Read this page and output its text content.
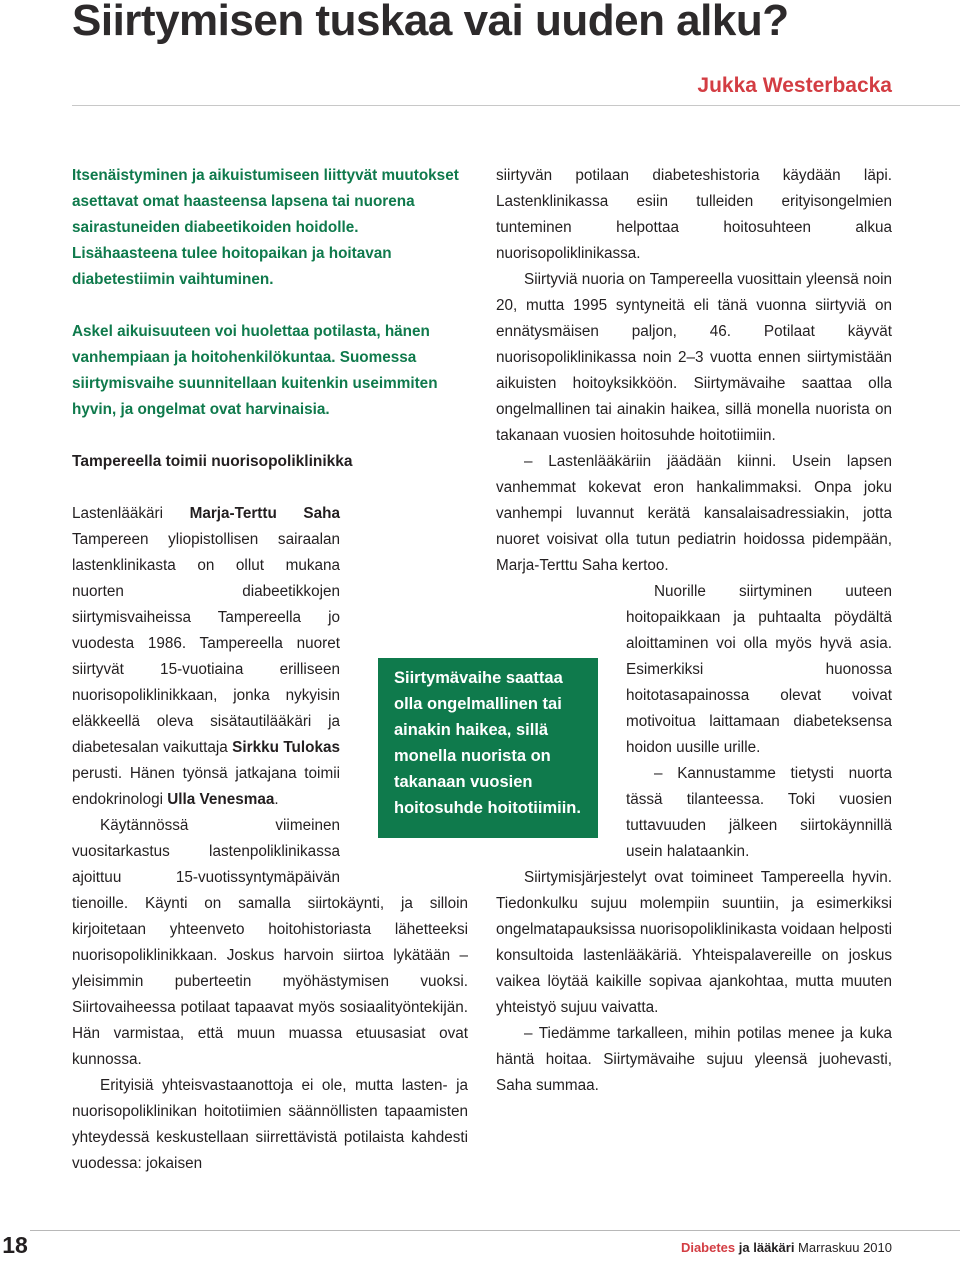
Siirtymisen tuskaa vai uuden alku?
Jukka Westerbacka

Itsenäistyminen ja aikuistumiseen liittyvät muutokset asettavat omat haasteensa lapsena tai nuorena sairastuneiden diabeetikoiden hoidolle. Lisähaasteena tulee hoitopaikan ja hoitavan diabetestiimin vaihtuminen.

Askel aikuisuuteen voi huolettaa potilasta, hänen vanhempiaan ja hoitohenkilökuntaa. Suomessa siirtymisvaihe suunnitellaan kuitenkin useimmiten hyvin, ja ongelmat ovat harvinaisia.

Tampereella toimii nuorisopoliklinikka

Lastenlääkäri Marja-Terttu Saha Tampereen yliopistollisen sairaalan lastenklinikasta on ollut mukana nuorten diabeetikkojen siirtymisvaiheissa Tampereella jo vuodesta 1986. Tampereella nuoret siirtyvät 15-vuotiaina erilliseen nuorisopoliklinikkaan, jonka nykyisin eläkkeellä oleva sisätautilääkäri ja diabetesalan vaikuttaja Sirkku Tulokas perusti. Hänen työnsä jatkajana toimii endokrinologi Ulla Venesmaa.

Käytännössä viimeinen vuositarkastus lastenpoliklinikassa ajoittuu 15-vuotissyntymäpäivän tienoille. Käynti on samalla siirtokäynti, ja silloin kirjoitetaan yhteenveto hoitohistoriasta lähetteeksi nuorisopoliklinikkaan. Joskus harvoin siirtoa lykätään – yleisimmin puberteetin myöhästymisen vuoksi. Siirtovaiheessa potilaat tapaavat myös sosiaalityöntekijän. Hän varmistaa, että muun muassa etuusasiat ovat kunnossa.

Erityisiä yhteisvastaanottoja ei ole, mutta lasten- ja nuorisopoliklinikan hoitotiimien säännöllisten tapaamisten yhteydessä keskustellaan siirrettävistä potilaista kahdesti vuodessa: jokaisen

Siirtymävaihe saattaa olla ongelmallinen tai ainakin haikea, sillä monella nuorista on takanaan vuosien hoitosuhde hoitotiimiin.

siirtyvän potilaan diabeteshistoria käydään läpi. Lastenklinikassa esiin tulleiden erityisongelmien tunteminen helpottaa hoitosuhteen alkua nuorisopoliklinikassa.

Siirtyviä nuoria on Tampereella vuosittain yleensä noin 20, mutta 1995 syntyneitä eli tänä vuonna siirtyviä on ennätysmäisen paljon, 46. Potilaat käyvät nuorisopoliklinikassa noin 2–3 vuotta ennen siirtymistään aikuisten hoitoyksikköön. Siirtymävaihe saattaa olla ongelmallinen tai ainakin haikea, sillä monella nuorista on takanaan vuosien hoitosuhde hoitotiimiin.

– Lastenlääkäriin jäädään kiinni. Usein lapsen vanhemmat kokevat eron hankalimmaksi. Onpa joku vanhempi luvannut kerätä kansalaisadressiakin, jotta nuoret voisivat olla tutun pediatrin hoidossa pidempään, Marja-Terttu Saha kertoo.

Nuorille siirtyminen uuteen hoitopaikkaan ja puhtaalta pöydältä aloittaminen voi olla myös hyvä asia. Esimerkiksi huonossa hoitotasapainossa olevat voivat motivoitua laittamaan diabeteksensa hoidon uusille urille.

– Kannustamme tietysti nuorta tässä tilanteessa. Toki vuosien tuttavuuden jälkeen siirtokäynnillä usein halataankin.

Siirtymisjärjestelyt ovat toimineet Tampereella hyvin. Tiedonkulku sujuu molempiin suuntiin, ja esimerkiksi ongelmatapauksissa nuorisopoliklinikasta voidaan helposti konsultoida lastenlääkäriä. Yhteispalavereille on joskus vaikea löytää kaikille sopivaa ajankohtaa, mutta muuten yhteistyö sujuu vaivatta.

– Tiedämme tarkalleen, mihin potilas menee ja kuka häntä hoitaa. Siirtymävaihe sujuu yleensä juohevasti, Saha summaa.

18	Diabetes ja lääkäri Marraskuu 2010
